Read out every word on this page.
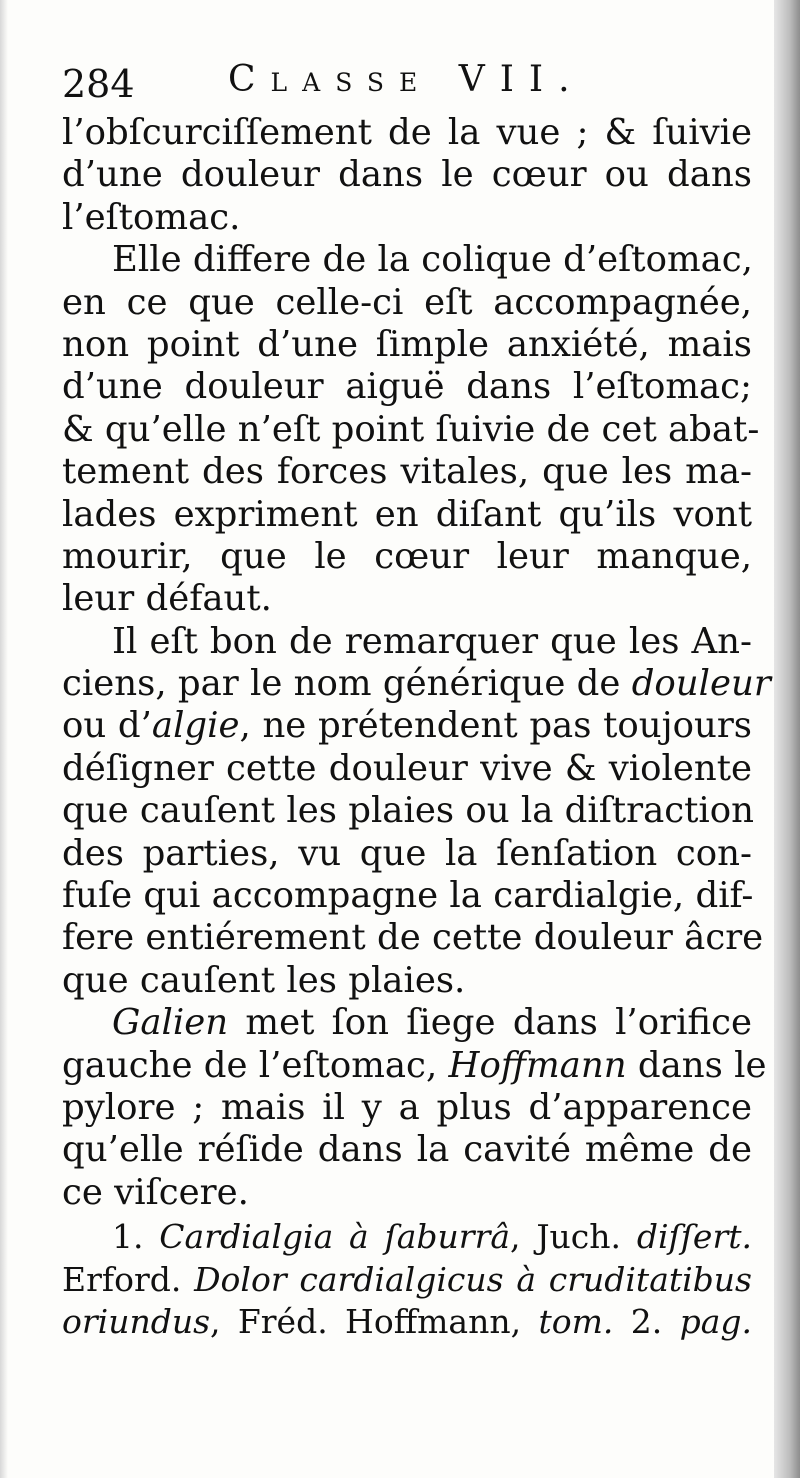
284	Classe VII.
l’obſcurciſſement de la vue ; & ſuivie
d’une douleur dans le cœur ou dans
l’eſtomac.
Elle differe de la colique d’eſtomac,
en ce que celle-ci eſt accompagnée,
non point d’une ſimple anxiété, mais
d’une douleur aiguë dans l’eſtomac;
& qu’elle n’eſt point ſuivie de cet abat-
tement des forces vitales, que les ma-
lades expriment en diſant qu’ils vont
mourir, que le cœur leur manque,
leur défaut.
Il eſt bon de remarquer que les An-
ciens, par le nom générique de douleur
ou d’algie, ne prétendent pas toujours
déſigner cette douleur vive & violente
que cauſent les plaies ou la diſtraction
des parties, vu que la ſenſation con-
fuſe qui accompagne la cardialgie, dif-
fere entiérement de cette douleur âcre
que cauſent les plaies.
Galien met ſon ſiege dans l’orifice
gauche de l’eſtomac, Hoffmann dans le
pylore ; mais il y a plus d’apparence
qu’elle réſide dans la cavité même de
ce viſcere.
1. Cardialgia à ſaburrâ, Juch. diſſert.
Erford. Dolor cardialgicus à cruditatibus
oriundus, Fréd. Hoffmann, tom. 2. pag.
